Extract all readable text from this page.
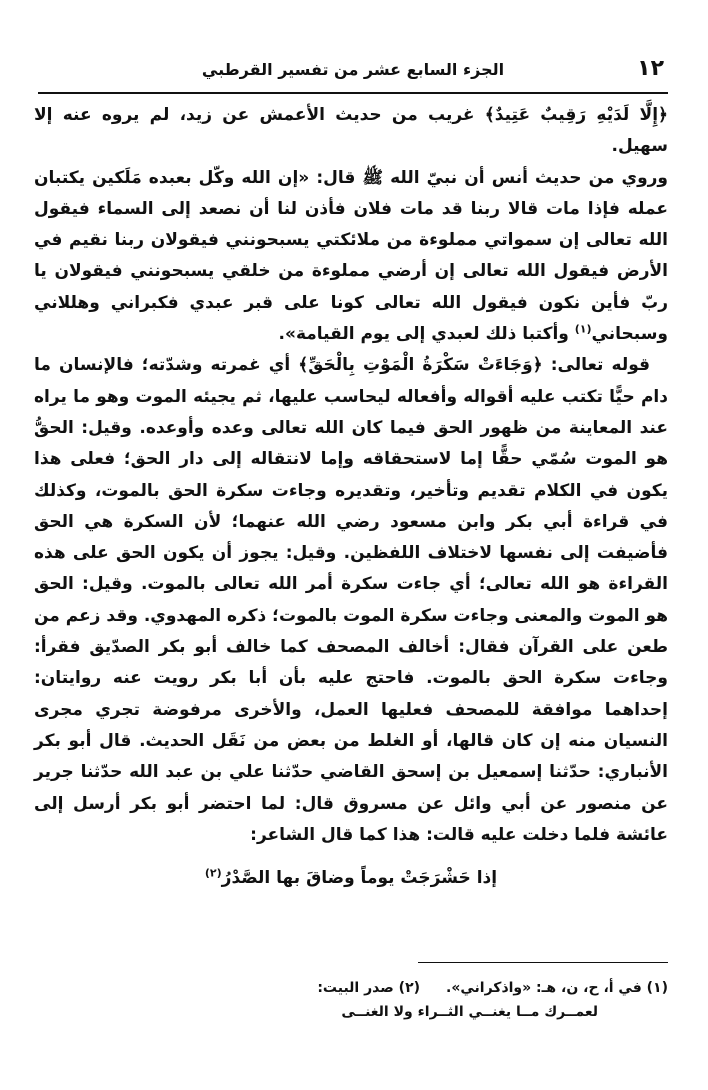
١٢
الجزء السابع عشر من تفسير القرطبي

﴿إِلَّا لَدَيْهِ رَقِيبٌ عَتِيدٌ﴾ غريب من حديث الأعمش عن زيد، لم يروه عنه إلا سهيل.

وروي من حديث أنس أن نبيّ الله ﷺ قال: «إن الله وكّل بعبده مَلَكين يكتبان عمله فإذا مات قالا ربنا قد مات فلان فأذن لنا أن نصعد إلى السماء فيقول الله تعالى إن سمواتي مملوءة من ملائكتي يسبحونني فيقولان ربنا نقيم في الأرض فيقول الله تعالى إن أرضي مملوءة من خلقي يسبحونني فيقولان يا ربّ فأين نكون فيقول الله تعالى كونا على قبر عبدي فكبراني وهللاني وسبحاني$^{(١)}$ وأكتبا ذلك لعبدي إلى يوم القيامة».

قوله تعالى: ﴿وَجَاءَتْ سَكْرَةُ الْمَوْتِ بِالْحَقِّ﴾ أي غمرته وشدّته؛ فالإنسان ما دام حيًّا تكتب عليه أقواله وأفعاله ليحاسب عليها، ثم يجيئه الموت وهو ما يراه عند المعاينة من ظهور الحق فيما كان الله تعالى وعده وأوعده. وقيل: الحقُّ هو الموت سُمّي حقًّا إما لاستحقاقه وإما لانتقاله إلى دار الحق؛ فعلى هذا يكون في الكلام تقديم وتأخير، وتقديره وجاءت سكرة الحق بالموت، وكذلك في قراءة أبي بكر وابن مسعود رضي الله عنهما؛ لأن السكرة هي الحق فأضيفت إلى نفسها لاختلاف اللفظين. وقيل: يجوز أن يكون الحق على هذه القراءة هو الله تعالى؛ أي جاءت سكرة أمر الله تعالى بالموت. وقيل: الحق هو الموت والمعنى وجاءت سكرة الموت بالموت؛ ذكره المهدوي. وقد زعم من طعن على القرآن فقال: أخالف المصحف كما خالف أبو بكر الصدّيق فقرأ: وجاءت سكرة الحق بالموت. فاحتج عليه بأن أبا بكر رويت عنه روايتان: إحداهما موافقة للمصحف فعليها العمل، والأخرى مرفوضة تجري مجرى النسيان منه إن كان قالها، أو الغلط من بعض من نَقَل الحديث. قال أبو بكر الأنباري: حدّثنا إسمعيل بن إسحق القاضي حدّثنا علي بن عبد الله حدّثنا جرير عن منصور عن أبي وائل عن مسروق قال: لما احتضر أبو بكر أرسل إلى عائشة فلما دخلت عليه قالت: هذا كما قال الشاعر:

إذا حَشْرَجَتْ يوماً وضاقَ بها الصَّدْرُ$^{(٢)}$

(١) في أ، ح، ن، هـ: «واذكراني».(٢) صدر البيت:

لعمــرك مــا يغنــي الثــراء ولا الغنــى
